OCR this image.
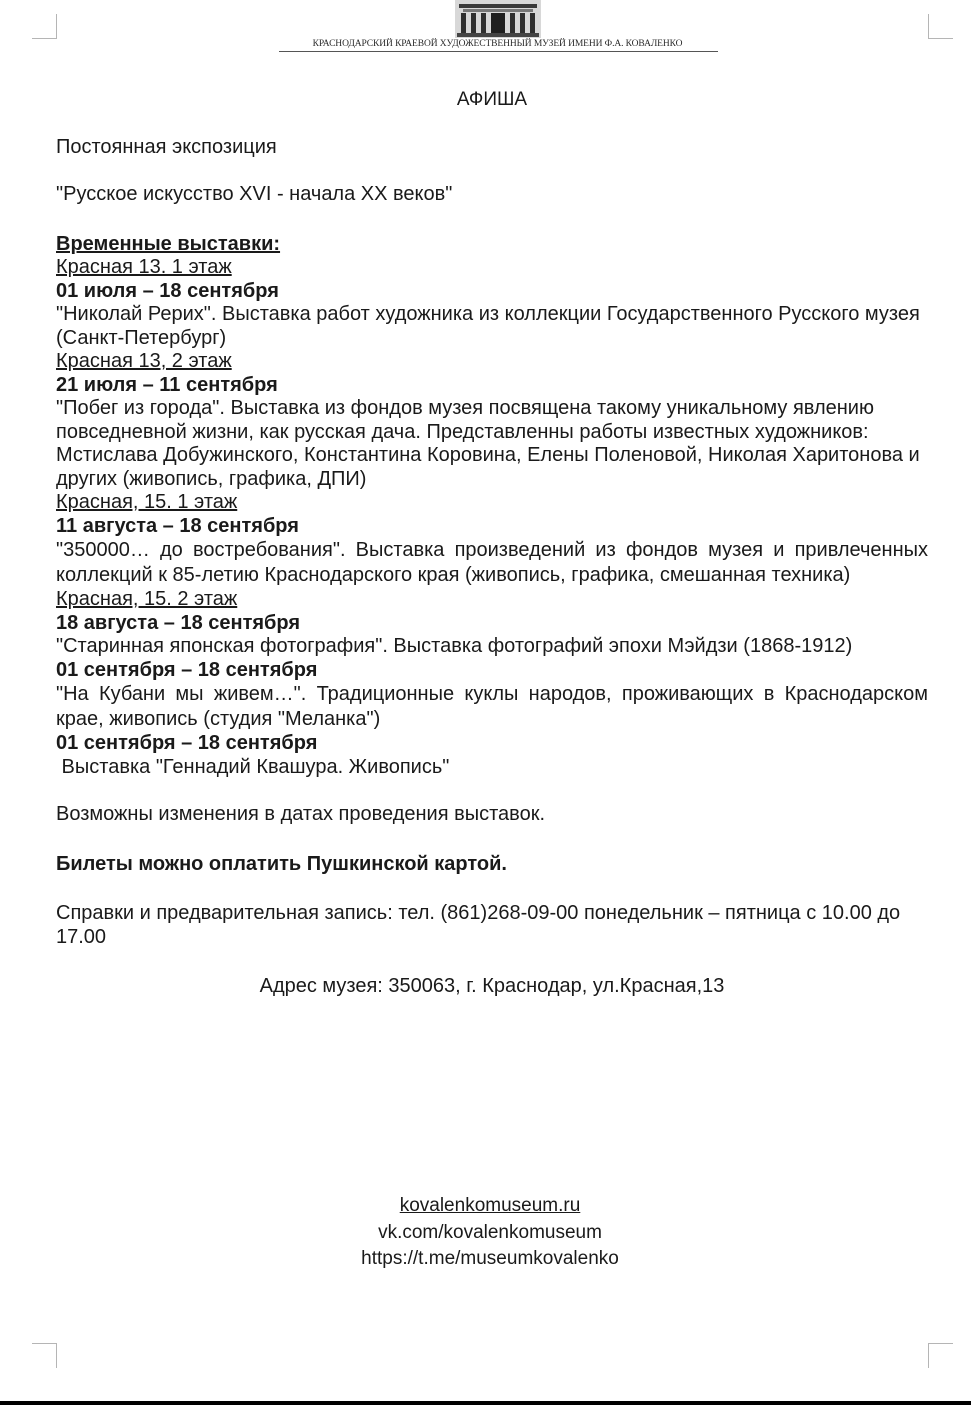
КРАСНОДАРСКИЙ КРАЕВОЙ ХУДОЖЕСТВЕННЫЙ МУЗЕЙ ИМЕНИ Ф.А. КОВАЛЕНКО

АФИША

Постоянная экспозиция

"Русское искусство XVI - начала XX веков"

Временные выставки:

Красная 13. 1 этаж

01 июля – 18 сентября

"Николай Рерих". Выставка работ художника из коллекции Государственного Русского музея (Санкт-Петербург)

Красная 13, 2 этаж

21 июля – 11 сентября

"Побег из города". Выставка из фондов музея посвящена такому уникальному явлению повседневной жизни, как русская дача. Представленны работы известных художников: Мстислава Добужинского, Константина Коровина, Елены Поленовой, Николая Харитонова и других (живопись, графика, ДПИ)

Красная, 15. 1 этаж

11 августа – 18 сентября

"350000… до востребования". Выставка произведений из фондов музея и привлеченных коллекций к 85-летию Краснодарского края (живопись, графика, смешанная техника)

Красная, 15. 2 этаж

18 августа – 18 сентября

"Старинная японская фотография". Выставка фотографий эпохи Мэйдзи (1868-1912)

01 сентября – 18 сентября

"На Кубани мы живем…". Традиционные куклы народов, проживающих в Краснодарском крае, живопись (студия "Меланка")

01 сентября – 18 сентября

Выставка "Геннадий Квашура. Живопись"

Возможны изменения в датах проведения выставок.

Билеты можно оплатить Пушкинской картой.

Справки и предварительная запись: тел. (861)268-09-00 понедельник – пятница с 10.00 до 17.00

Адрес музея: 350063, г. Краснодар, ул.Красная,13

kovalenkomuseum.ru

vk.com/kovalenkomuseum

https://t.me/museumkovalenko
